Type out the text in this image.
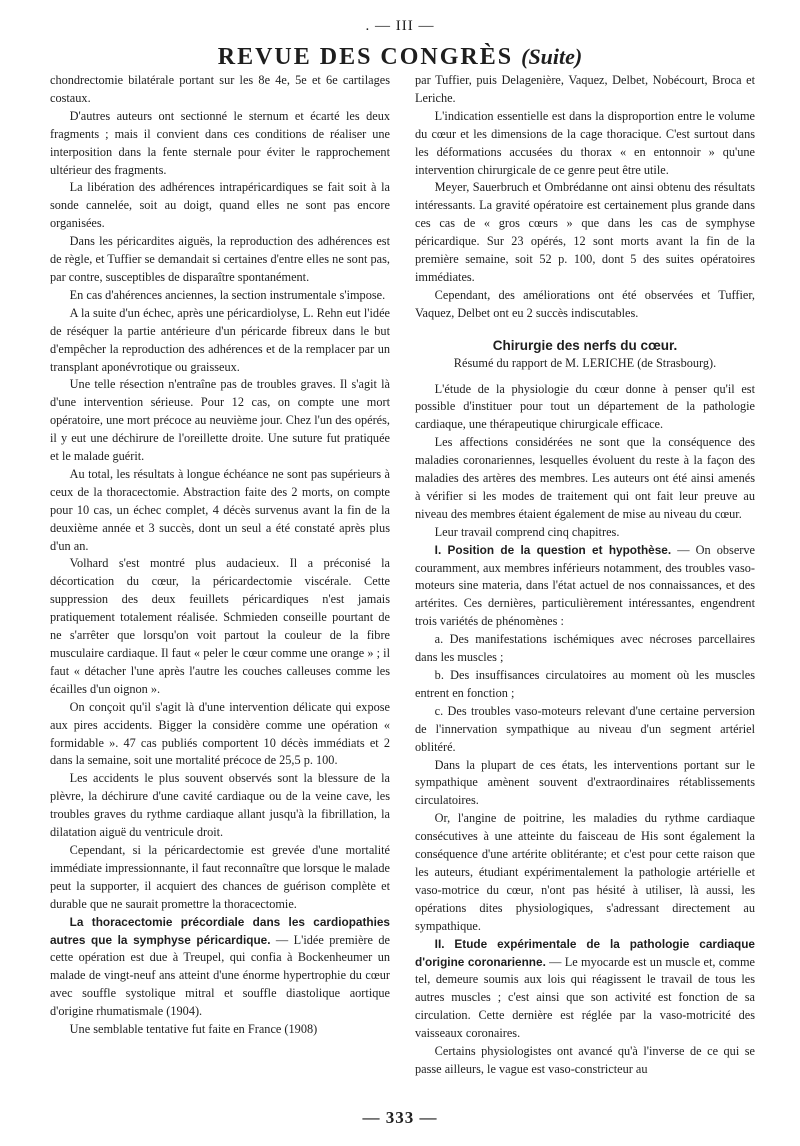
. — III —
REVUE DES CONGRÈS (Suite)

chondrectomie bilatérale portant sur les 8e 4e, 5e et 6e cartilages costaux.

D'autres auteurs ont sectionné le sternum et écarté les deux fragments ; mais il convient dans ces conditions de réaliser une interposition dans la fente sternale pour éviter le rapprochement ultérieur des fragments.

La libération des adhérences intrapéricardiques se fait soit à la sonde cannelée, soit au doigt, quand elles ne sont pas encore organisées.

Dans les péricardites aiguës, la reproduction des adhérences est de règle, et Tuffier se demandait si certaines d'entre elles ne sont pas, par contre, susceptibles de disparaître spontanément.

En cas d'ahérences anciennes, la section instrumentale s'impose.

A la suite d'un échec, après une péricardiolyse, L. Rehn eut l'idée de réséquer la partie antérieure d'un péricarde fibreux dans le but d'empêcher la reproduction des adhérences et de la remplacer par un transplant aponévrotique ou graisseux.

Une telle résection n'entraîne pas de troubles graves. Il s'agit là d'une intervention sérieuse. Pour 12 cas, on compte une mort opératoire, une mort précoce au neuvième jour. Chez l'un des opérés, il y eut une déchirure de l'oreillette droite. Une suture fut pratiquée et le malade guérit.

Au total, les résultats à longue échéance ne sont pas supérieurs à ceux de la thoracectomie. Abstraction faite des 2 morts, on compte pour 10 cas, un échec complet, 4 décès survenus avant la fin de la deuxième année et 3 succès, dont un seul a été constaté après plus d'un an.

Volhard s'est montré plus audacieux. Il a préconisé la décortication du cœur, la péricardectomie viscérale. Cette suppression des deux feuillets péricardiques n'est jamais pratiquement totalement réalisée. Schmieden conseille pourtant de ne s'arrêter que lorsqu'on voit partout la couleur de la fibre musculaire cardiaque. Il faut « peler le cœur comme une orange » ; il faut « détacher l'une après l'autre les couches calleuses comme les écailles d'un oignon ».

On conçoit qu'il s'agit là d'une intervention délicate qui expose aux pires accidents. Bigger la considère comme une opération « formidable ». 47 cas publiés comportent 10 décès immédiats et 2 dans la semaine, soit une mortalité précoce de 25,5 p. 100.

Les accidents le plus souvent observés sont la blessure de la plèvre, la déchirure d'une cavité cardiaque ou de la veine cave, les troubles graves du rythme cardiaque allant jusqu'à la fibrillation, la dilatation aiguë du ventricule droit.

Cependant, si la péricardectomie est grevée d'une mortalité immédiate impressionnante, il faut reconnaître que lorsque le malade peut la supporter, il acquiert des chances de guérison complète et durable que ne saurait promettre la thoracectomie.

La thoracectomie précordiale dans les cardiopathies autres que la symphyse péricardique. — L'idée première de cette opération est due à Treupel, qui confia à Bockenheumer un malade de vingt-neuf ans atteint d'une énorme hypertrophie du cœur avec souffle systolique mitral et souffle diastolique aortique d'origine rhumatismale (1904).

Une semblable tentative fut faite en France (1908)

par Tuffier, puis Delagenière, Vaquez, Delbet, Nobécourt, Broca et Leriche.

L'indication essentielle est dans la disproportion entre le volume du cœur et les dimensions de la cage thoracique. C'est surtout dans les déformations accusées du thorax « en entonnoir » qu'une intervention chirurgicale de ce genre peut être utile.

Meyer, Sauerbruch et Ombrédanne ont ainsi obtenu des résultats intéressants. La gravité opératoire est certainement plus grande dans ces cas de « gros cœurs » que dans les cas de symphyse péricardique. Sur 23 opérés, 12 sont morts avant la fin de la première semaine, soit 52 p. 100, dont 5 des suites opératoires immédiates.

Cependant, des améliorations ont été observées et Tuffier, Vaquez, Delbet ont eu 2 succès indiscutables.

Chirurgie des nerfs du cœur.

Résumé du rapport de M. LERICHE (de Strasbourg).

L'étude de la physiologie du cœur donne à penser qu'il est possible d'instituer pour tout un département de la pathologie cardiaque, une thérapeutique chirurgicale efficace.

Les affections considérées ne sont que la conséquence des maladies coronariennes, lesquelles évoluent du reste à la façon des maladies des artères des membres. Les auteurs ont été ainsi amenés à vérifier si les modes de traitement qui ont fait leur preuve au niveau des membres étaient également de mise au niveau du cœur.

Leur travail comprend cinq chapitres.

I. Position de la question et hypothèse. — On observe couramment, aux membres inférieurs notamment, des troubles vaso-moteurs sine materia, dans l'état actuel de nos connaissances, et des artérites. Ces dernières, particulièrement intéressantes, engendrent trois variétés de phénomènes :

a. Des manifestations ischémiques avec nécroses parcellaires dans les muscles ;

b. Des insuffisances circulatoires au moment où les muscles entrent en fonction ;

c. Des troubles vaso-moteurs relevant d'une certaine perversion de l'innervation sympathique au niveau d'un segment artériel oblitéré.

Dans la plupart de ces états, les interventions portant sur le sympathique amènent souvent d'extraordinaires rétablissements circulatoires.

Or, l'angine de poitrine, les maladies du rythme cardiaque consécutives à une atteinte du faisceau de His sont également la conséquence d'une artérite oblitérante; et c'est pour cette raison que les auteurs, étudiant expérimentalement la pathologie artérielle et vaso-motrice du cœur, n'ont pas hésité à utiliser, là aussi, les opérations dites physiologiques, s'adressant directement au sympathique.

II. Etude expérimentale de la pathologie cardiaque d'origine coronarienne. — Le myocarde est un muscle et, comme tel, demeure soumis aux lois qui réagissent le travail de tous les autres muscles ; c'est ainsi que son activité est fonction de sa circulation. Cette dernière est réglée par la vaso-motricité des vaisseaux coronaires.

Certains physiologistes ont avancé qu'à l'inverse de ce qui se passe ailleurs, le vague est vaso-constricteur au

— 333 —
